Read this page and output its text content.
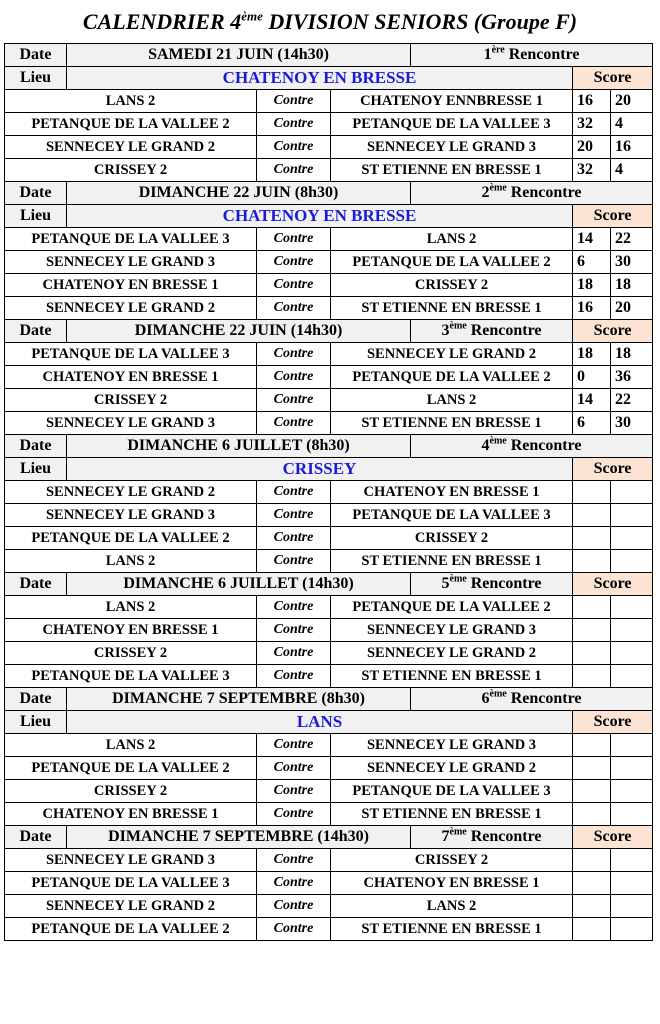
CALENDRIER 4ème DIVISION SENIORS (Groupe F)
Date	SAMEDI 21 JUIN (14h30)			1ère Rencontre		
Lieu	CHATENOY EN BRESSE				Score	
LANS 2		Contre	CHATENOY ENNBRESSE 1		16	20
PETANQUE DE LA VALLEE 2		Contre	PETANQUE DE LA VALLEE 3		32	4
SENNECEY LE GRAND 2		Contre	SENNECEY LE GRAND 3		20	16
CRISSEY 2		Contre	ST ETIENNE EN BRESSE 1		32	4
Date	DIMANCHE 22 JUIN (8h30)			2ème Rencontre		
Lieu	CHATENOY EN BRESSE				Score	
PETANQUE DE LA VALLEE 3		Contre	LANS 2		14	22
SENNECEY LE GRAND 3		Contre	PETANQUE DE LA VALLEE 2		6	30
CHATENOY EN BRESSE 1		Contre	CRISSEY 2		18	18
SENNECEY LE GRAND 2		Contre	ST ETIENNE EN BRESSE 1		16	20
Date	DIMANCHE 22 JUIN (14h30)			3ème Rencontre	Score	
PETANQUE DE LA VALLEE 3		Contre	SENNECEY LE GRAND 2		18	18
CHATENOY EN BRESSE 1		Contre	PETANQUE DE LA VALLEE 2		0	36
CRISSEY 2		Contre	LANS 2		14	22
SENNECEY LE GRAND 3		Contre	ST ETIENNE EN BRESSE 1		6	30
Date	DIMANCHE 6 JUILLET (8h30)			4ème Rencontre		
Lieu	CRISSEY				Score	
SENNECEY LE GRAND 2		Contre	CHATENOY EN BRESSE 1			
SENNECEY LE GRAND 3		Contre	PETANQUE DE LA VALLEE 3			
PETANQUE DE LA VALLEE 2		Contre	CRISSEY 2			
LANS 2		Contre	ST ETIENNE EN BRESSE 1			
Date	DIMANCHE 6 JUILLET (14h30)			5ème Rencontre	Score	
LANS 2		Contre	PETANQUE DE LA VALLEE 2			
CHATENOY EN BRESSE 1		Contre	SENNECEY LE GRAND 3			
CRISSEY 2		Contre	SENNECEY LE GRAND 2			
PETANQUE DE LA VALLEE 3		Contre	ST ETIENNE EN BRESSE 1			
Date	DIMANCHE 7 SEPTEMBRE (8h30)			6ème Rencontre		
Lieu	LANS				Score	
LANS 2		Contre	SENNECEY LE GRAND 3			
PETANQUE DE LA VALLEE 2		Contre	SENNECEY LE GRAND 2			
CRISSEY 2		Contre	PETANQUE DE LA VALLEE 3			
CHATENOY EN BRESSE 1		Contre	ST ETIENNE EN BRESSE 1			
Date	DIMANCHE 7 SEPTEMBRE (14h30)			7ème Rencontre	Score	
SENNECEY LE GRAND 3		Contre	CRISSEY 2			
PETANQUE DE LA VALLEE 3		Contre	CHATENOY EN BRESSE 1			
SENNECEY LE GRAND 2		Contre	LANS 2			
PETANQUE DE LA VALLEE 2		Contre	ST ETIENNE EN BRESSE 1			
